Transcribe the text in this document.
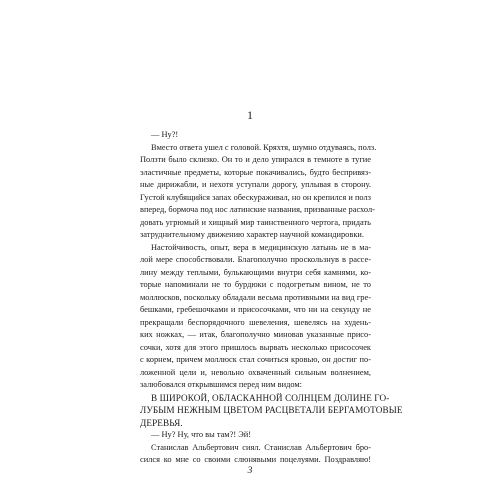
1
— Ну?!
Вместо ответа ушел с головой. Кряхтя, шумно отдуваясь, полз.
Ползти было склизко. Он то и дело упирался в темноте в тугие
эластичные предметы, которые покачивались, будто беспривяз-
ные дирижабли, и нехотя уступали дорогу, уплывая в сторону.
Густой клубящийся запах обескураживал, но он крепился и полз
вперед, бормоча под нос латинские названия, призванные расхол-
довать угрюмый и хищный мир таинственного чертога, придать
затруднительному движению характер научной командировки.
Настойчивость, опыт, вера в медицинскую латынь не в ма-
лой мере способствовали. Благополучно проскользнув в рассе-
лину между теплыми, булькающими внутри себя камнями, ко-
торые напоминали не то бурдюки с подогретым вином, не то
моллюсков, поскольку обладали весьма противными на вид гре-
бешками, гребешочками и присосочками, что ни на секунду не
прекращали беспорядочного шевеления, шевелясь на худень-
ких ножках, — итак, благополучно миновав указанные присо-
сочки, хотя для этого пришлось вырвать несколько присосочек
с корнем, причем моллюск стал сочиться кровью, он достиг по-
ложенной цели и, невольно охваченный сильным волнением,
залюбовался открывшимся перед ним видом:
В ШИРОКОЙ, ОБЛАСКАННОЙ СОЛНЦЕМ ДОЛИНЕ ГО-
ЛУБЫМ НЕЖНЫМ ЦВЕТОМ РАСЦВЕТАЛИ БЕРГАМОТОВЫЕ
ДЕРЕВЬЯ.
— Ну? Ну, что вы там?! Эй!
Станислав Альбертович сиял. Станислав Альбертович бро-
сился ко мне со своими слюнявыми поцелуями. Поздравляю!
3
